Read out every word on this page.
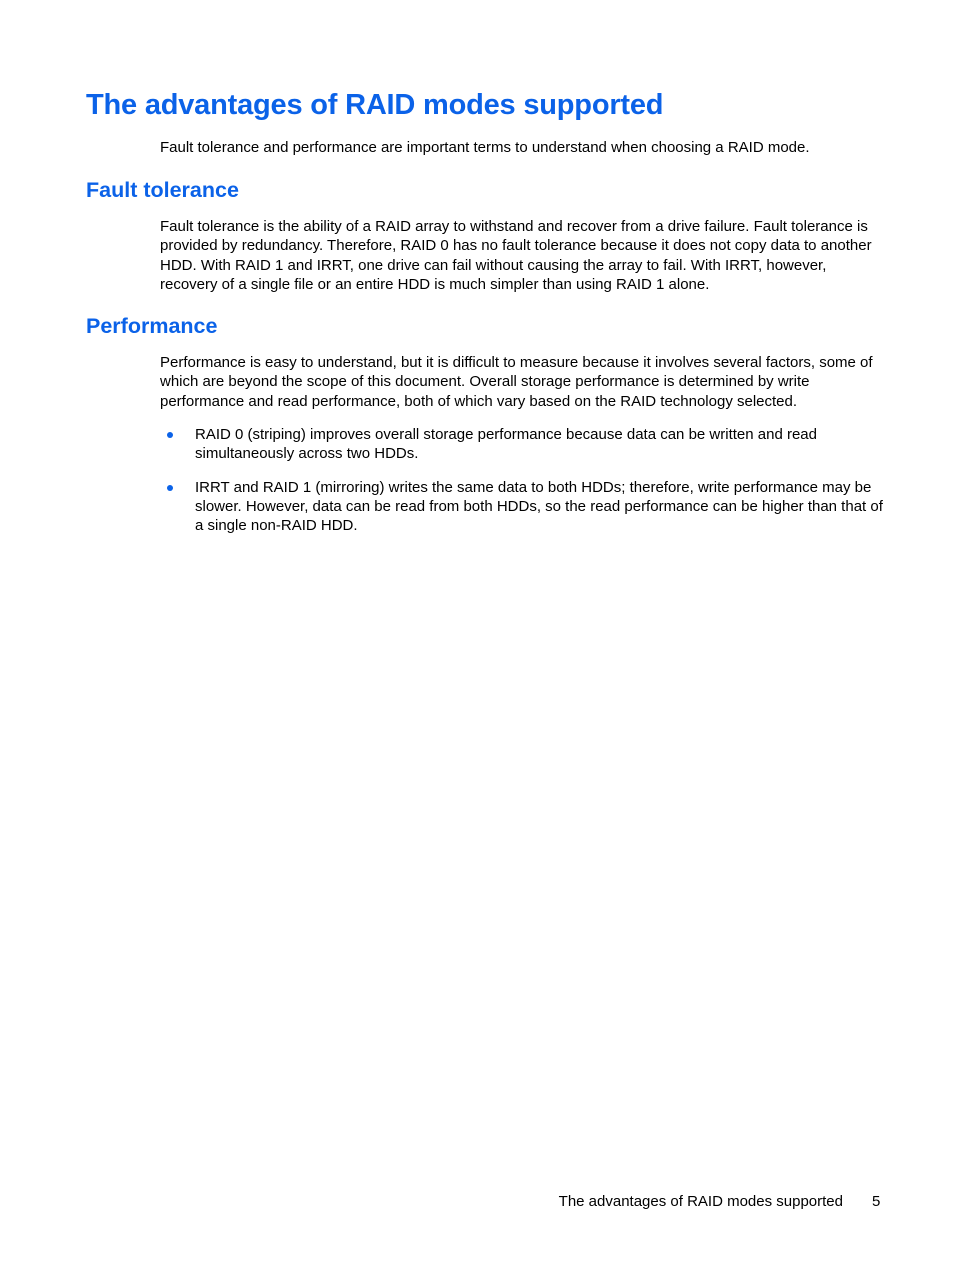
The advantages of RAID modes supported

Fault tolerance and performance are important terms to understand when choosing a RAID mode.

Fault tolerance

Fault tolerance is the ability of a RAID array to withstand and recover from a drive failure. Fault tolerance is provided by redundancy. Therefore, RAID 0 has no fault tolerance because it does not copy data to another HDD. With RAID 1 and IRRT, one drive can fail without causing the array to fail. With IRRT, however, recovery of a single file or an entire HDD is much simpler than using RAID 1 alone.

Performance

Performance is easy to understand, but it is difficult to measure because it involves several factors, some of which are beyond the scope of this document. Overall storage performance is determined by write performance and read performance, both of which vary based on the RAID technology selected.

RAID 0 (striping) improves overall storage performance because data can be written and read simultaneously across two HDDs.
IRRT and RAID 1 (mirroring) writes the same data to both HDDs; therefore, write performance may be slower. However, data can be read from both HDDs, so the read performance can be higher than that of a single non-RAID HDD.
The advantages of RAID modes supported 5
